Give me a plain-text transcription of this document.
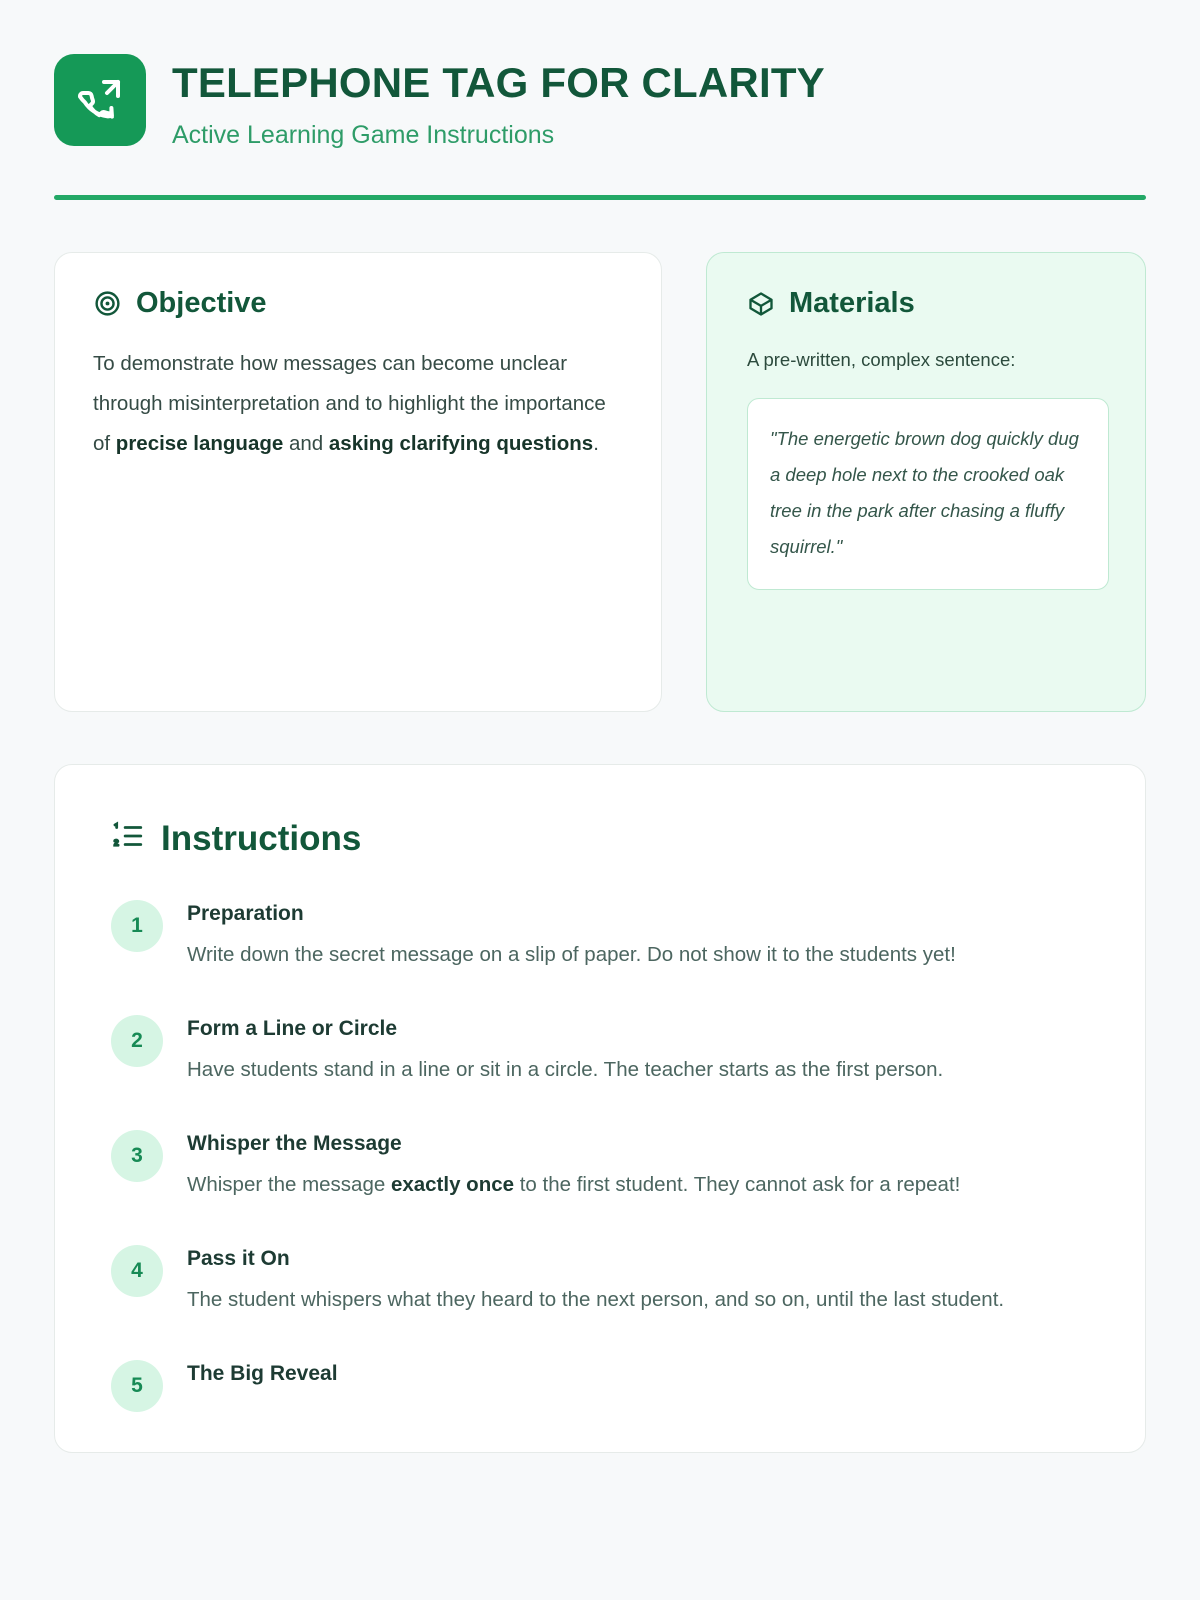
TELEPHONE TAG FOR CLARITY
Active Learning Game Instructions
Objective

To demonstrate how messages can become unclear through misinterpretation and to highlight the importance of precise language and asking clarifying questions.

Materials

A pre-written, complex sentence:

"The energetic brown dog quickly dug a deep hole next to the crooked oak tree in the park after chasing a fluffy squirrel."
Instructions
1
Preparation
Write down the secret message on a slip of paper. Do not show it to the students yet!
2
Form a Line or Circle
Have students stand in a line or sit in a circle. The teacher starts as the first person.
3
Whisper the Message
Whisper the message exactly once to the first student. They cannot ask for a repeat!
4
Pass it On
The student whispers what they heard to the next person, and so on, until the last student.
5
The Big Reveal
